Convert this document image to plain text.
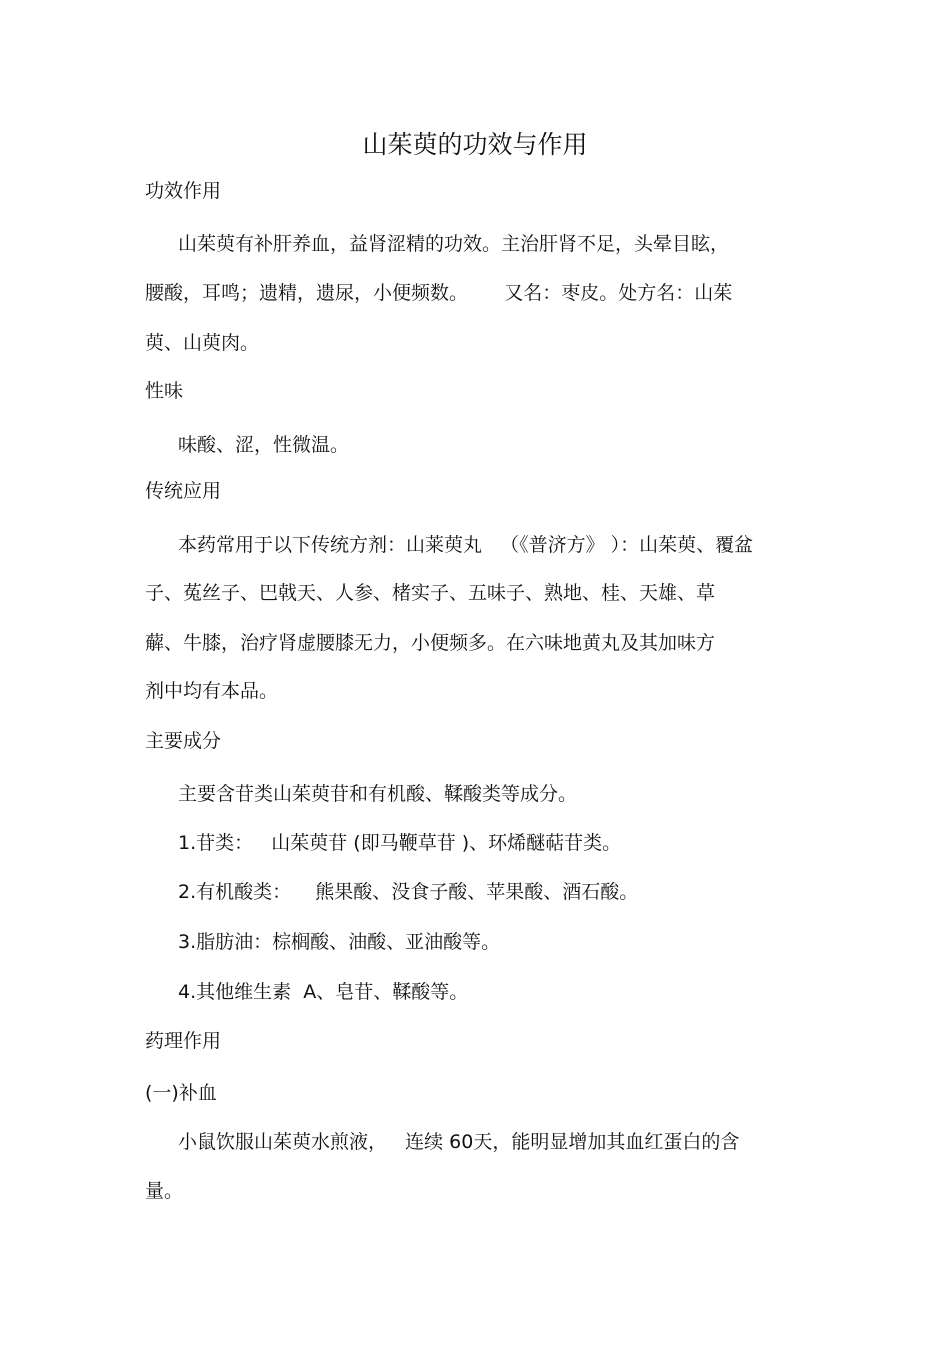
山茱萸的功效与作用
功效作用
山茱萸有补肝养血，益肾涩精的功效。主治肝肾不足，头晕目眩，
腰酸，耳鸣；遗精，遗尿，小便频数。      又名：枣皮。处方名：山茱
萸、山萸肉。
性味
味酸、涩，性微温。
传统应用
本药常用于以下传统方剂：山莱萸丸   （《普济方》 ）：山茱萸、覆盆
子、菟丝子、巴戟天、人参、楮实子、五味子、熟地、桂、天雄、草
薢、牛膝，治疗肾虚腰膝无力，小便频多。在六味地黄丸及其加味方
剂中均有本品。
主要成分
主要含苷类山茱萸苷和有机酸、鞣酸类等成分。
1.苷类：   山茱萸苷 (即马鞭草苷 )、环烯醚萜苷类。
2.有机酸类：    熊果酸、没食子酸、苹果酸、酒石酸。
3.脂肪油：棕榈酸、油酸、亚油酸等。
4.其他维生素  A、皂苷、鞣酸等。
药理作用
(一)补血
小鼠饮服山茱萸水煎液，   连续 60天，能明显增加其血红蛋白的含
量。
